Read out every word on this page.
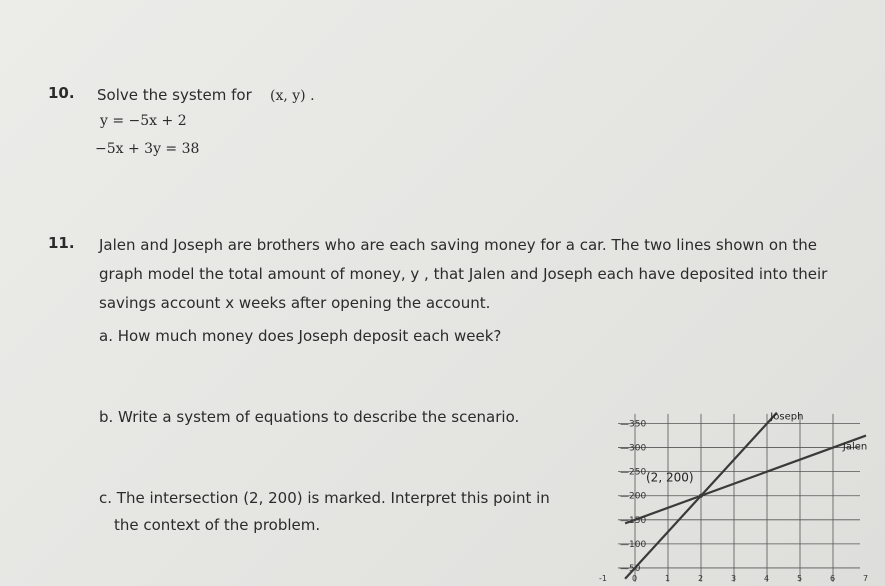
10. Solve the system for (x, y) .
y = −5x + 2
−5x + 3y = 38
11. Jalen and Joseph are brothers who are each saving money for a car. The two lines shown on the
graph model the total amount of money, y , that Jalen and Joseph each have deposited into their
savings account x weeks after opening the account.
a. How much money does Joseph deposit each week?
b. Write a system of equations to describe the scenario.
c. The intersection (2, 200) is marked. Interpret this point in
the context of the problem.
—350
—300
—250
—200
—150
—100
—50
-1	0	1	2	3	4	5	6	7
Joseph
Jalen
(2, 200)
